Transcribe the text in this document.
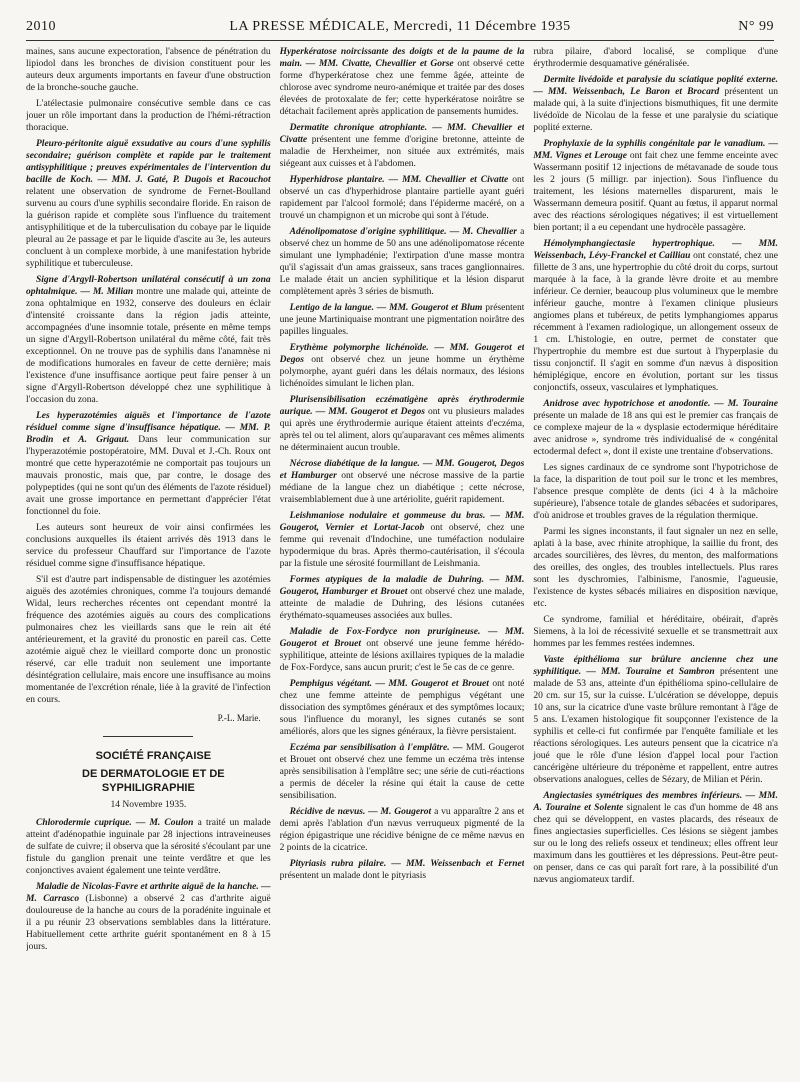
2010	LA PRESSE MÉDICALE, Mercredi, 11 Décembre 1935	N° 99

maines, sans aucune expectoration, l'absence de pénétration du lipiodol dans les bronches de division constituent pour les auteurs deux arguments importants en faveur d'une obstruction de la bronche-souche gauche.

L'atélectasie pulmonaire consécutive semble dans ce cas jouer un rôle important dans la production de l'hémi-rétraction thoracique.

Pleuro-péritonite aiguë exsudative au cours d'une syphilis secondaire; guérison complète et rapide par le traitement antisyphilitique ; preuves expérimentales de l'intervention du bacille de Koch. — MM. J. Gaté, P. Dugois et Racouchot relatent une observation de syndrome de Fernet-Boulland survenu au cours d'une syphilis secondaire floride. En raison de la guérison rapide et complète sous l'influence du traitement antisyphilitique et de la tuberculisation du cobaye par le liquide pleural au 2e passage et par le liquide d'ascite au 3e, les auteurs concluent à un complexe morbide, à une manifestation hybride syphilitique et tuberculeuse.

Signe d'Argyll-Robertson unilatéral consécutif à un zona ophtalmique. — M. Milian montre une malade qui, atteinte de zona ophtalmique en 1932, conserve des douleurs en éclair d'intensité croissante dans la région jadis atteinte, accompagnées d'une insomnie totale, présente en même temps un signe d'Argyll-Robertson unilatéral du même côté, fait très exceptionnel. On ne trouve pas de syphilis dans l'anamnèse ni de modifications humorales en faveur de cette dernière; mais l'existence d'une insuffisance aortique peut faire penser à un signe d'Argyll-Robertson développé chez une syphilitique à l'occasion du zona.

Les hyperazotémies aiguës et l'importance de l'azote résiduel comme signe d'insuffisance hépatique. — MM. P. Brodin et A. Grigaut. Dans leur communication sur l'hyperazotémie postopératoire, MM. Duval et J.-Ch. Roux ont montré que cette hyperazotémie ne comportait pas toujours un mauvais pronostic, mais que, par contre, le dosage des polypeptides (qui ne sont qu'un des éléments de l'azote résiduel) avait une grosse importance en permettant d'apprécier l'état fonctionnel du foie.

Les auteurs sont heureux de voir ainsi confirmées les conclusions auxquelles ils étaient arrivés dès 1913 dans le service du professeur Chauffard sur l'importance de l'azote résiduel comme signe d'insuffisance hépatique.

S'il est d'autre part indispensable de distinguer les azotémies aiguës des azotémies chroniques, comme l'a toujours demandé Widal, leurs recherches récentes ont cependant montré la fréquence des azotémies aiguës au cours des complications pulmonaires chez les vieillards sans que le rein ait été antérieurement, et la gravité du pronostic en pareil cas. Cette azotémie aiguë chez le vieillard comporte donc un pronostic réservé, car elle traduit non seulement une importante désintégration cellulaire, mais encore une insuffisance au moins momentanée de l'excrétion rénale, liée à la gravité de l'infection en cours.

P.-L. Marie.

SOCIÉTÉ FRANÇAISE

DE DERMATOLOGIE ET DE SYPHILIGRAPHIE

14 Novembre 1935.

Chlorodermie cuprique. — M. Coulon a traité un malade atteint d'adénopathie inguinale par 28 injections intraveineuses de sulfate de cuivre; il observa que la sérosité s'écoulant par une fistule du ganglion prenait une teinte verdâtre et que les conjonctives avaient également une teinte verdâtre.

Maladie de Nicolas-Favre et arthrite aiguë de la hanche. — M. Carrasco (Lisbonne) a observé 2 cas d'arthrite aiguë douloureuse de la hanche au cours de la poradénite inguinale et il a pu réunir 23 observations semblables dans la littérature. Habituellement cette arthrite guérit spontanément en 8 à 15 jours.

Hyperkératose noircissante des doigts et de la paume de la main. — MM. Civatte, Chevallier et Gorse ont observé cette forme d'hyperkératose chez une femme âgée, atteinte de chlorose avec syndrome neuro-anémique et traitée par des doses élevées de protoxalate de fer; cette hyperkératose noirâtre se détachait facilement après application de pansements humides.

Dermatite chronique atrophiante. — MM. Chevallier et Civatte présentent une femme d'origine bretonne, atteinte de maladie de Herxheimer, non située aux extrémités, mais siégeant aux cuisses et à l'abdomen.

Hyperhidrose plantaire. — MM. Chevallier et Civatte ont observé un cas d'hyperhidrose plantaire partielle ayant guéri rapidement par l'alcool formolé; dans l'épiderme macéré, on a trouvé un champignon et un microbe qui sont à l'étude.

Adénolipomatose d'origine syphilitique. — M. Chevallier a observé chez un homme de 50 ans une adénolipomatose récente simulant une lymphadénie; l'extirpation d'une masse montra qu'il s'agissait d'un amas graisseux, sans traces ganglionnaires. Le malade était un ancien syphilitique et la lésion disparut complètement après 3 séries de bismuth.

Lentigo de la langue. — MM. Gougerot et Blum présentent une jeune Martiniquaise montrant une pigmentation noirâtre des papilles linguales.

Erythème polymorphe lichénoïde. — MM. Gougerot et Degos ont observé chez un jeune homme un érythème polymorphe, ayant guéri dans les délais normaux, des lésions lichénoïdes simulant le lichen plan.

Plurisensibilisation eczématigène après érythrodermie aurique. — MM. Gougerot et Degos ont vu plusieurs malades qui après une érythrodermie aurique étaient atteints d'eczéma, après tel ou tel aliment, alors qu'auparavant ces mêmes aliments ne déterminaient aucun trouble.

Nécrose diabétique de la langue. — MM. Gougerot, Degos et Hamburger ont observé une nécrose massive de la partie médiane de la langue chez un diabétique ; cette nécrose, vraisemblablement due à une artériolite, guérit rapidement.

Leishmaniose nodulaire et gommeuse du bras. — MM. Gougerot, Vernier et Lortat-Jacob ont observé, chez une femme qui revenait d'Indochine, une tuméfaction nodulaire hypodermique du bras. Après thermo-cautérisation, il s'écoula par la fistule une sérosité fourmillant de Leishmania.

Formes atypiques de la maladie de Duhring. — MM. Gougerot, Hamburger et Brouet ont observé chez une malade, atteinte de maladie de Duhring, des lésions cutanées érythémato-squameuses associées aux bulles.

Maladie de Fox-Fordyce non prurigineuse. — MM. Gougerot et Brouet ont observé une jeune femme hérédo-syphilitique, atteinte de lésions axillaires typiques de la maladie de Fox-Fordyce, sans aucun prurit; c'est le 5e cas de ce genre.

Pemphigus végétant. — MM. Gougerot et Brouet ont noté chez une femme atteinte de pemphigus végétant une dissociation des symptômes généraux et des symptômes locaux; sous l'influence du moranyl, les signes cutanés se sont améliorés, alors que les signes généraux, la fièvre persistaient.

Eczéma par sensibilisation à l'emplâtre. — MM. Gougerot et Brouet ont observé chez une femme un eczéma très intense après sensibilisation à l'emplâtre sec; une série de cuti-réactions a permis de déceler la résine qui était la cause de cette sensibilisation.

Récidive de nævus. — M. Gougerot a vu apparaître 2 ans et demi après l'ablation d'un nævus verruqueux pigmenté de la région épigastrique une récidive bénigne de ce même nævus en 2 points de la cicatrice.

Pityriasis rubra pilaire. — MM. Weissenbach et Fernet présentent un malade dont le pityriasis

rubra pilaire, d'abord localisé, se complique d'une érythrodermie desquamative généralisée.

Dermite livédoïde et paralysie du sciatique poplité externe. — MM. Weissenbach, Le Baron et Brocard présentent un malade qui, à la suite d'injections bismuthiques, fit une dermite livédoïde de Nicolau de la fesse et une paralysie du sciatique poplité externe.

Prophylaxie de la syphilis congénitale par le vanadium. — MM. Vignes et Lerouge ont fait chez une femme enceinte avec Wassermann positif 12 injections de métavanade de soude tous les 2 jours (5 milligr. par injection). Sous l'influence du traitement, les lésions maternelles disparurent, mais le Wassermann demeura positif. Quant au fœtus, il apparut normal avec des réactions sérologiques négatives; il est virtuellement bien portant; il a eu cependant une hydrocèle passagère.

Hémolymphangiectasie hypertrophique. — MM. Weissenbach, Lévy-Franckel et Cailliau ont constaté, chez une fillette de 3 ans, une hypertrophie du côté droit du corps, surtout marquée à la face, à la grande lèvre droite et au membre inférieur. Ce dernier, beaucoup plus volumineux que le membre inférieur gauche, montre à l'examen clinique plusieurs angiomes plans et tubéreux, de petits lymphangiomes apparus récemment à l'examen radiologique, un allongement osseux de 1 cm. L'histologie, en outre, permet de constater que l'hypertrophie du membre est due surtout à l'hyperplasie du tissu conjonctif. Il s'agit en somme d'un nævus à disposition hémiplégique, encore en évolution, portant sur les tissus conjonctifs, osseux, vasculaires et lymphatiques.

Anidrose avec hypotrichose et anodontie. — M. Touraine présente un malade de 18 ans qui est le premier cas français de ce complexe majeur de la « dysplasie ectodermique héréditaire avec anidrose », syndrome très individualisé de « congénital ectodermal defect », dont il existe une trentaine d'observations.

Les signes cardinaux de ce syndrome sont l'hypotrichose de la face, la disparition de tout poil sur le tronc et les membres, l'absence presque complète de dents (ici 4 à la mâchoire supérieure), l'absence totale de glandes sébacées et sudoripares, d'où anidrose et troubles graves de la régulation thermique.

Parmi les signes inconstants, il faut signaler un nez en selle, aplati à la base, avec rhinite atrophique, la saillie du front, des arcades sourcilières, des lèvres, du menton, des malformations des oreilles, des ongles, des troubles intellectuels. Plus rares sont les dyschromies, l'albinisme, l'anosmie, l'agueusie, l'existence de kystes sébacés miliaires en disposition nævique, etc.

Ce syndrome, familial et héréditaire, obéirait, d'après Siemens, à la loi de récessivité sexuelle et se transmettrait aux hommes par les femmes restées indemnes.

Vaste épithélioma sur brûlure ancienne chez une syphilitique. — MM. Touraine et Sambron présentent une malade de 53 ans, atteinte d'un épithélioma spino-cellulaire de 20 cm. sur 15, sur la cuisse. L'ulcération se développe, depuis 10 ans, sur la cicatrice d'une vaste brûlure remontant à l'âge de 5 ans. L'examen histologique fit soupçonner l'existence de la syphilis et celle-ci fut confirmée par l'enquête familiale et les réactions sérologiques. Les auteurs pensent que la cicatrice n'a joué que le rôle d'une lésion d'appel local pour l'action cancérigène ultérieure du tréponème et rappellent, entre autres observations analogues, celles de Sézary, de Milian et Périn.

Angiectasies symétriques des membres inférieurs. — MM. A. Touraine et Solente signalent le cas d'un homme de 48 ans chez qui se développent, en vastes placards, des réseaux de fines angiectasies superficielles. Ces lésions se siègent jambes sur ou le long des reliefs osseux et tendineux; elles offrent leur maximum dans les gouttières et les dépressions. Peut-être peut-on penser, dans ce cas qui paraît fort rare, à la possibilité d'un nævus angiomateux tardif.
